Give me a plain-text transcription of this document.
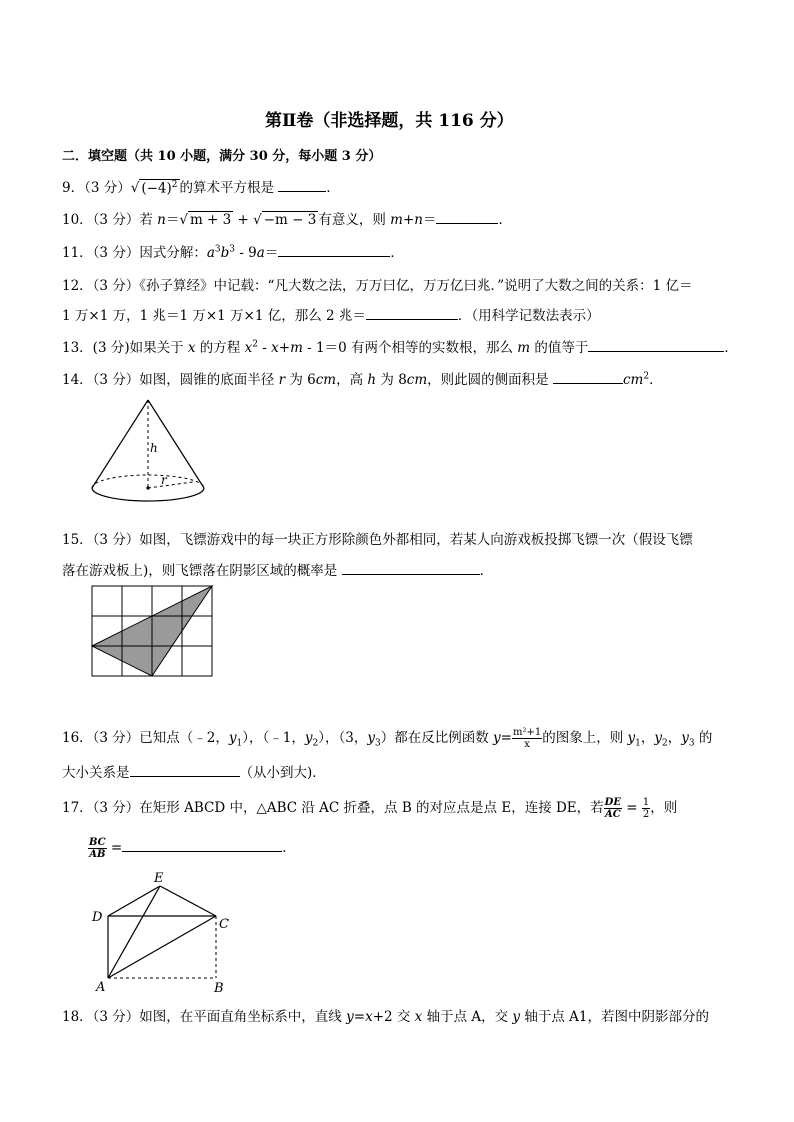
第Ⅱ卷（非选择题，共 116 分）
二．填空题（共 10 小题，满分 30 分，每小题 3 分）
9．（3 分）√ $(-4)^2$ 的算术平方根是	．
10．（3 分）若 n＝√ m + 3 + √ −m − 3 有意义，则 m+n＝	．
11．（3 分）因式分解：$a^3b^3 - 9a=$	．
12．（3 分）《孙子算经》中记载：“凡大数之法，万万曰亿，万万亿曰兆．”说明了大数之间的关系：1 亿＝
1 万×1 万，1 兆＝1 万×1 万×1 亿，那么 2 兆＝	．（用科学记数法表示）
13．(3 分)如果关于 x 的方程 $x^2 - x+m - 1=0$ 有两个相等的实数根，那么 m 的值等于	．
14．（3 分）如图，圆锥的底面半径 r 为 6cm，高 h 为 8cm，则此圆的侧面积是	$cm^2$．
h
r
15．（3 分）如图，飞镖游戏中的每一块正方形除颜色外都相同，若某人向游戏板投掷飞镖一次（假设飞镖
落在游戏板上)，则飞镖落在阴影区域的概率是	．
16．（3 分）已知点（﹣2，$y_1$），（﹣1，$y_2$），（3，$y_3$）都在反比例函数 $y= \frac{\text{m²+1}}{x}$ 的图象上，则 $y_1$，$y_2$，$y_3$ 的
大小关系是	（从小到大)．
17．（3 分）在矩形 ABCD 中，△ABC 沿 AC 折叠，点 B 的对应点是点 E，连接 DE，若 $\frac{DE}{AC} = \frac{1}{2}$ ，则
$\frac{BC}{AB}$ =	．
E
D	C
A	B
18．（3 分）如图，在平面直角坐标系中，直线 y=x+2 交 x 轴于点 A，交 y 轴于点 A1，若图中阴影部分的
